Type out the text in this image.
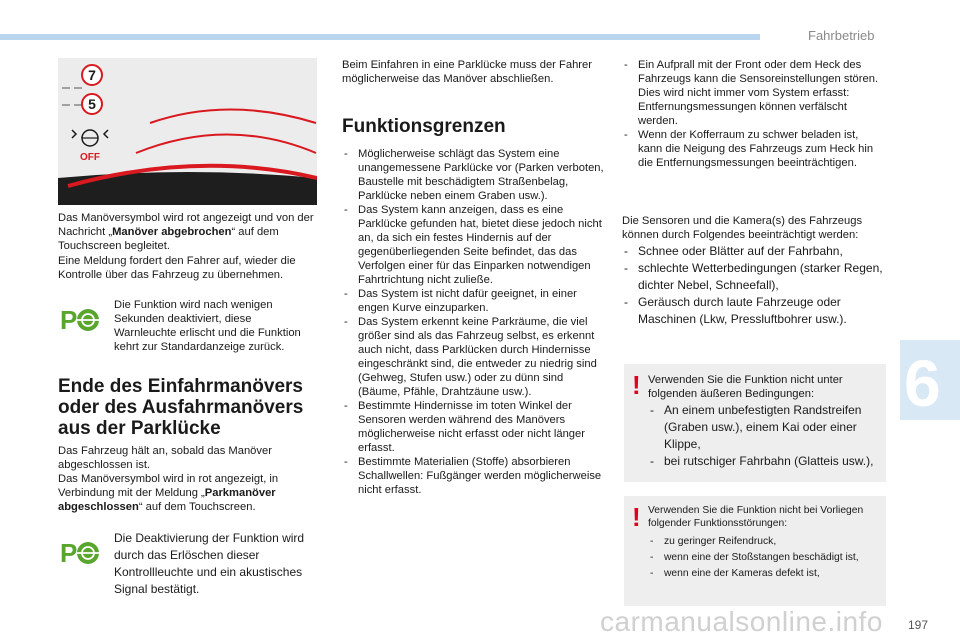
Fahrbetrieb
6
carmanualsonline.info 197
7
5
OFF
Das Manöversymbol wird rot angezeigt und von der Nachricht „Manöver abgebrochen“ auf dem Touchscreen begleitet.
Eine Meldung fordert den Fahrer auf, wieder die Kontrolle über das Fahrzeug zu übernehmen.
P	Die Funktion wird nach wenigen Sekunden deaktiviert, diese Warnleuchte erlischt und die Funktion kehrt zur Standardanzeige zurück.
Ende des Einfahrmanövers oder des Ausfahrmanövers aus der Parklücke
Das Fahrzeug hält an, sobald das Manöver abgeschlossen ist.
Das Manöversymbol wird in rot angezeigt, in Verbindung mit der Meldung „Parkmanöver abgeschlossen“ auf dem Touchscreen.
P	Die Deaktivierung der Funktion wird durch das Erlöschen dieser Kontrollleuchte und ein akustisches Signal bestätigt.
Beim Einfahren in eine Parklücke muss der Fahrer möglicherweise das Manöver abschließen.
Funktionsgrenzen
- Möglicherweise schlägt das System eine unangemessene Parklücke vor (Parken verboten, Baustelle mit beschädigtem Straßenbelag, Parklücke neben einem Graben usw.).
- Das System kann anzeigen, dass es eine Parklücke gefunden hat, bietet diese jedoch nicht an, da sich ein festes Hindernis auf der gegenüberliegenden Seite befindet, das das Verfolgen einer für das Einparken notwendigen Fahrtrichtung nicht zuließe.
- Das System ist nicht dafür geeignet, in einer engen Kurve einzuparken.
- Das System erkennt keine Parkräume, die viel größer sind als das Fahrzeug selbst, es erkennt auch nicht, dass Parklücken durch Hindernisse eingeschränkt sind, die entweder zu niedrig sind (Gehweg, Stufen usw.) oder zu dünn sind (Bäume, Pfähle, Drahtzäune usw.).
- Bestimmte Hindernisse im toten Winkel der Sensoren werden während des Manövers möglicherweise nicht erfasst oder nicht länger erfasst.
- Bestimmte Materialien (Stoffe) absorbieren Schallwellen: Fußgänger werden möglicherweise nicht erfasst.
- Ein Aufprall mit der Front oder dem Heck des Fahrzeugs kann die Sensoreinstellungen stören. Dies wird nicht immer vom System erfasst: Entfernungsmessungen können verfälscht werden.
- Wenn der Kofferraum zu schwer beladen ist, kann die Neigung des Fahrzeugs zum Heck hin die Entfernungsmessungen beeinträchtigen.
Die Sensoren und die Kamera(s) des Fahrzeugs können durch Folgendes beeinträchtigt werden:
- Schnee oder Blätter auf der Fahrbahn,
- schlechte Wetterbedingungen (starker Regen, dichter Nebel, Schneefall),
- Geräusch durch laute Fahrzeuge oder Maschinen (Lkw, Pressluftbohrer usw.).
! Verwenden Sie die Funktion nicht unter folgenden äußeren Bedingungen:
- An einem unbefestigten Randstreifen (Graben usw.), einem Kai oder einer Klippe,
- bei rutschiger Fahrbahn (Glatteis usw.),
! Verwenden Sie die Funktion nicht bei Vorliegen folgender Funktionsstörungen:
- zu geringer Reifendruck,
- wenn eine der Stoßstangen beschädigt ist,
- wenn eine der Kameras defekt ist,
